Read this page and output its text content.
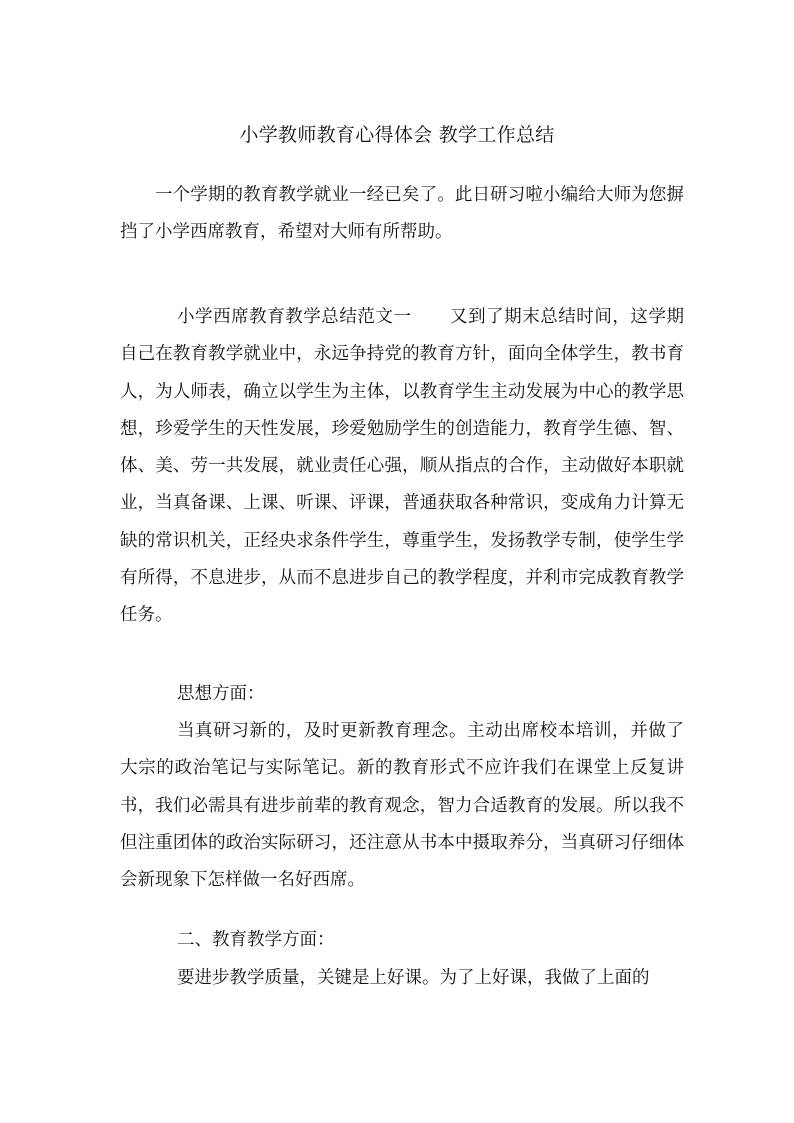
小学教师教育心得体会 教学工作总结

一个学期的教育教学就业一经已矣了。此日研习啦小编给大师为您摒挡了小学西席教育，希望对大师有所帮助。

小学西席教育教学总结范文一 又到了期末总结时间，这学期自己在教育教学就业中，永远争持党的教育方针，面向全体学生，教书育人，为人师表，确立以学生为主体，以教育学生主动发展为中心的教学思想，珍爱学生的天性发展，珍爱勉励学生的创造能力，教育学生德、智、体、美、劳一共发展，就业责任心强，顺从指点的合作，主动做好本职就业，当真备课、上课、听课、评课，普通获取各种常识，变成角力计算无缺的常识机关，正经央求条件学生，尊重学生，发扬教学专制，使学生学有所得，不息进步，从而不息进步自己的教学程度，并利市完成教育教学任务。

思想方面：

当真研习新的，及时更新教育理念。主动出席校本培训，并做了大宗的政治笔记与实际笔记。新的教育形式不应许我们在课堂上反复讲书，我们必需具有进步前辈的教育观念，智力合适教育的发展。所以我不但注重团体的政治实际研习，还注意从书本中摄取养分，当真研习仔细体会新现象下怎样做一名好西席。

二、教育教学方面：

要进步教学质量，关键是上好课。为了上好课，我做了上面的
